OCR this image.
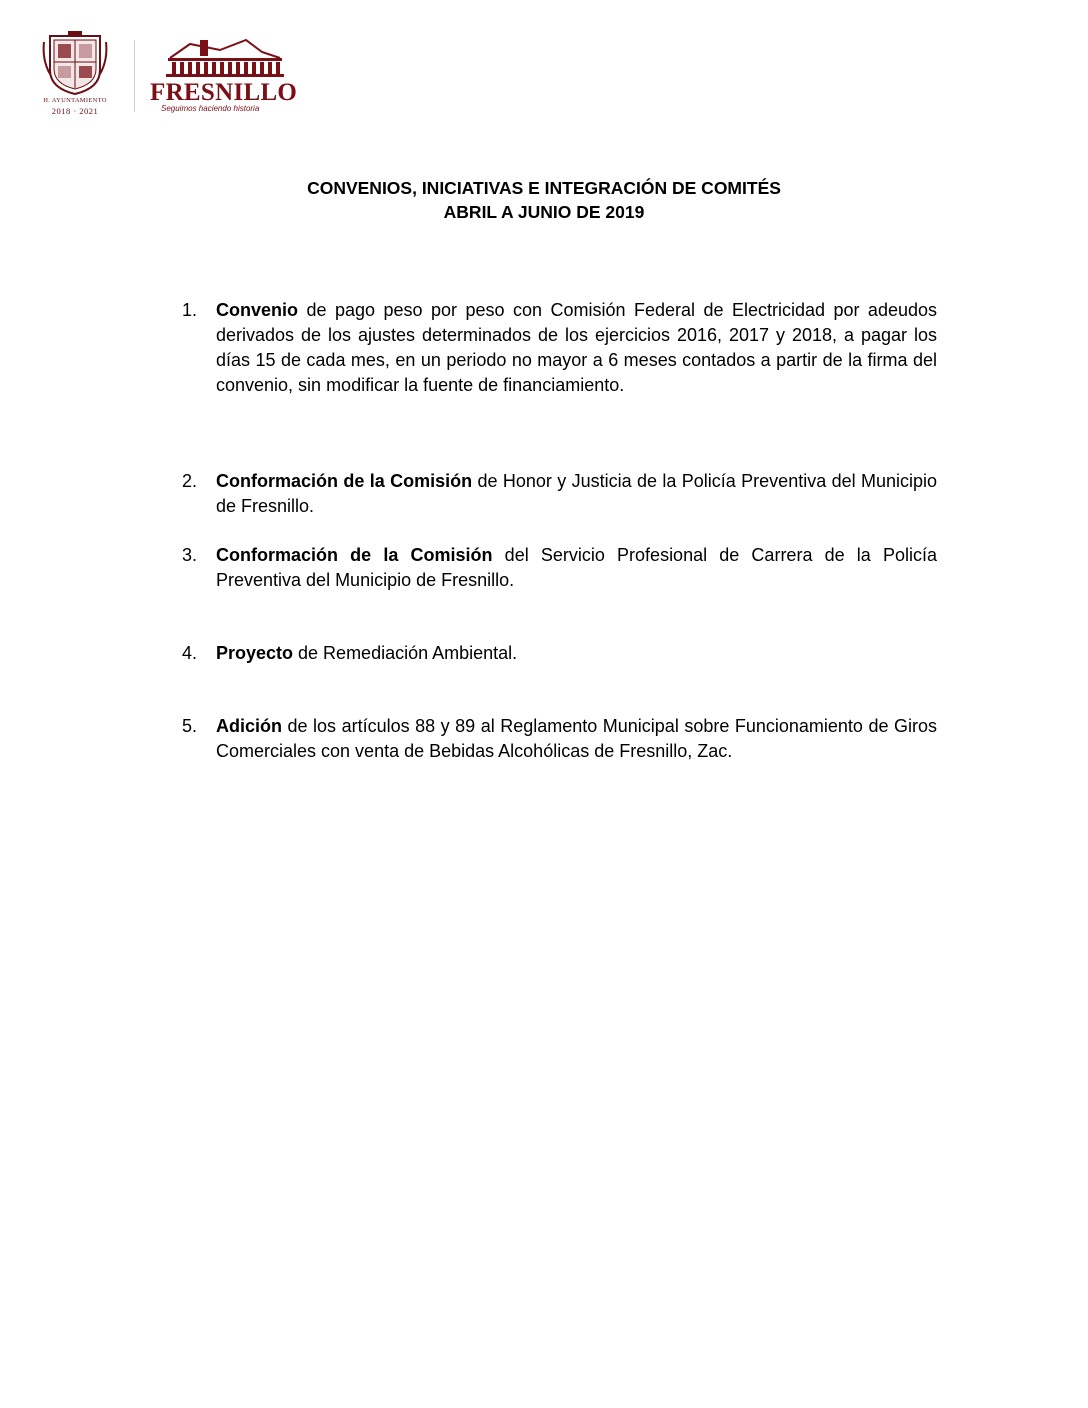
H. AYUNTAMIENTO
2018 · 2021
FRESNILLO
Seguimos haciendo historia
CONVENIOS, INICIATIVAS E INTEGRACIÓN DE COMITÉS
ABRIL A JUNIO DE 2019
1. Convenio de pago peso por peso con Comisión Federal de Electricidad por adeudos derivados de los ajustes determinados de los ejercicios 2016, 2017 y 2018, a pagar los días 15 de cada mes, en un periodo no mayor a 6 meses contados a partir de la firma del convenio, sin modificar la fuente de financiamiento.
2. Conformación de la Comisión de Honor y Justicia de la Policía Preventiva del Municipio de Fresnillo.
3. Conformación de la Comisión del Servicio Profesional de Carrera de la Policía Preventiva del Municipio de Fresnillo.
4. Proyecto de Remediación Ambiental.
5. Adición de los artículos 88 y 89 al Reglamento Municipal sobre Funcionamiento de Giros Comerciales con venta de Bebidas Alcohólicas de Fresnillo, Zac.
